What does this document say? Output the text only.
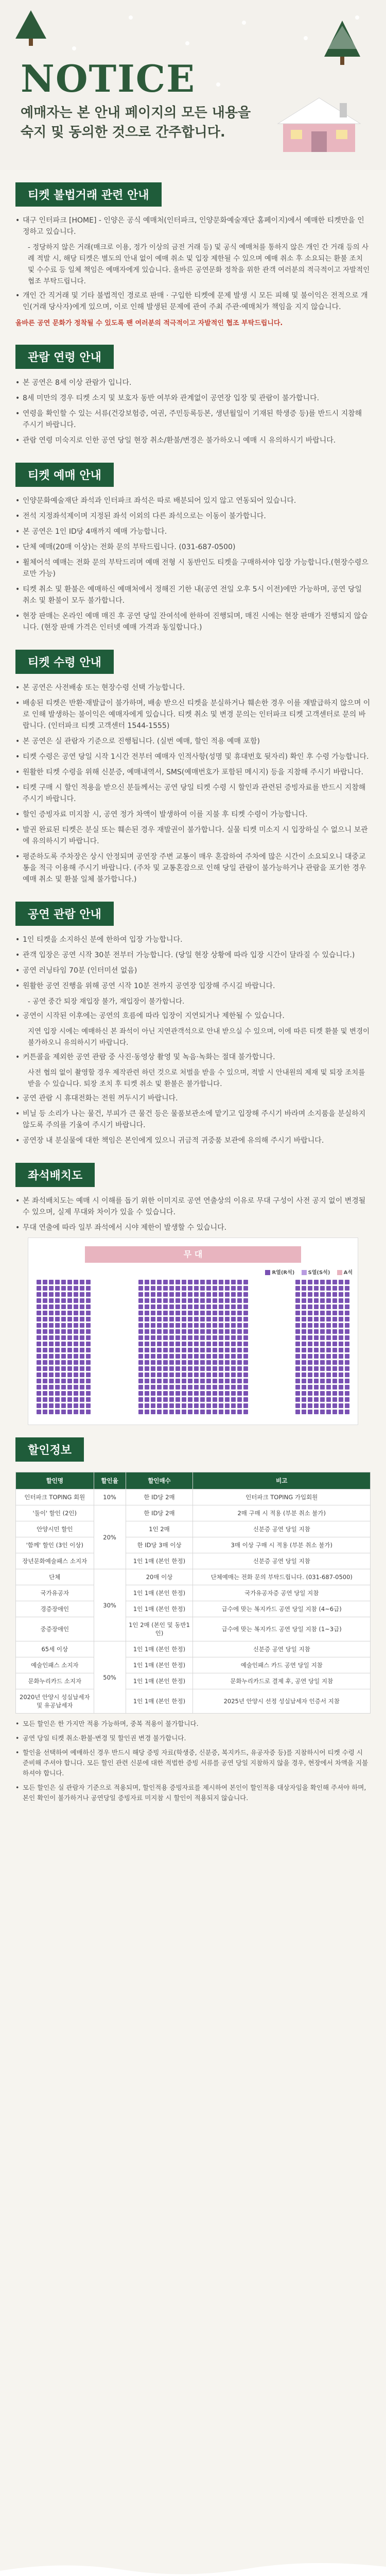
NOTICE
예매자는 본 안내 페이지의 모든 내용을
숙지 및 동의한 것으로 간주합니다.
티켓 불법거래 관련 안내
• 대구 인터파크 [HOME] - 인양은 공식 예매처(인터파크, 인양문화예술재단 홈페이지)에서 예매한 티켓만을 인정하고 있습니다.
- 정당하지 않은 거래(매크로 이용, 정가 이상의 금전 거래 등) 및 공식 예매처를 통하지 않은 개인 간 거래 등의 사례 적발 시, 해당 티켓은 별도의 안내 없이 예매 취소 및 입장 제한될 수 있으며 예매 취소 후 소요되는 환불 조치 및 수수료 등 일체 책임은 예매자에게 있습니다. 올바른 공연문화 정착을 위한 관객 여러분의 적극적이고 자발적인 협조 부탁드립니다.
• 개인 간 직거래 및 기타 불법적인 경로로 판매 · 구입한 티켓에 문제 발생 시 모든 피해 및 불이익은 전적으로 개인(거래 당사자)에게 있으며, 이로 인해 발생된 문제에 관여 주최 주관·예매처가 책임을 지지 않습니다.
올바른 공연 문화가 정착될 수 있도록 팬 여러분의 적극적이고 자발적인 협조 부탁드립니다.
관람 연령 안내
• 본 공연은 8세 이상 관람가 입니다.
• 8세 미만의 경우 티켓 소지 및 보호자 동반 여부와 관계없이 공연장 입장 및 관람이 불가합니다.
• 연령을 확인할 수 있는 서류(건강보험증, 여권, 주민등록등본, 생년월일이 기재된 학생증 등)를 반드시 지참해 주시기 바랍니다.
• 관람 연령 미숙지로 인한 공연 당일 현장 취소/환불/변경은 불가하오니 예매 시 유의하시기 바랍니다.
티켓 예매 안내
• 인양문화예술재단 좌석과 인터파크 좌석은 따로 배분되어 있지 않고 연동되어 있습니다.
• 전석 지정좌석제이며 지정된 좌석 이외의 다른 좌석으로는 이동이 불가합니다.
• 본 공연은 1인 ID당 4매까지 예매 가능합니다.
• 단체 예매(20매 이상)는 전화 문의 부탁드립니다. (031-687-0500)
• 휠체어석 예매는 전화 문의 부탁드리며 예매 전형 시 동반인도 티켓을 구매하셔야 입장 가능합니다.(현장수령으로만 가능)
• 티켓 취소 및 환불은 예매하신 예매처에서 정해진 기한 내(공연 전일 오후 5시 이전)에만 가능하며, 공연 당일 취소 및 환불이 모두 불가합니다.
• 현장 판매는 온라인 예매 매진 후 공연 당일 잔여석에 한하여 진행되며, 매진 시에는 현장 판매가 진행되지 않습니다. (현장 판매 가격은 인터넷 예매 가격과 동일합니다.)
티켓 수령 안내
• 본 공연은 사전배송 또는 현장수령 선택 가능합니다.
• 배송된 티켓은 반환·재발급이 불가하며, 배송 받으신 티켓을 분실하거나 훼손한 경우 이를 재발급하지 않으며 이로 인해 발생하는 불이익은 예매자에게 있습니다. 티켓 취소 및 변경 문의는 인터파크 티켓 고객센터로 문의 바랍니다. (인터파크 티켓 고객센터 1544-1555)
• 본 공연은 실 관람자 기준으로 진행됩니다. (실번 예매, 할인 적용 예매 포함)
• 티켓 수령은 공연 당일 시작 1시간 전부터 예매자 인적사항(성명 및 휴대번호 뒷자리) 확인 후 수령 가능합니다.
• 원활한 티켓 수령을 위해 신분증, 예매내역서, SMS(예매번호가 포함된 메시지) 등을 지참해 주시기 바랍니다.
• 티켓 구매 시 할인 적용을 받으신 분들께서는 공연 당일 티켓 수령 시 할인과 관련된 증빙자료를 반드시 지참해 주시기 바랍니다.
• 할인 증빙자료 미지참 시, 공연 정가 차액이 발생하여 이를 지불 후 티켓 수령이 가능합니다.
• 발권 완료된 티켓은 분실 또는 훼손된 경우 재발권이 불가합니다. 실물 티켓 미소지 시 입장하실 수 없으니 보관에 유의하시기 바랍니다.
• 평준하도록 주차장은 상시 안정되며 공연장 주변 교통이 매우 혼잡하여 주차에 많은 시간이 소요되오니 대중교통을 적극 이용해 주시기 바랍니다. (주차 및 교통혼잡으로 인해 당일 관람이 불가능하거나 관람을 포기한 경우 예매 취소 및 환불 일체 불가합니다.)
공연 관람 안내
• 1인 티켓을 소지하신 분에 한하여 입장 가능합니다.
• 관객 입장은 공연 시작 30분 전부터 가능합니다. (당일 현장 상황에 따라 입장 시간이 달라질 수 있습니다.)
• 공연 러닝타임 70분 (인터미션 없음)
• 원활한 공연 진행을 위해 공연 시작 10분 전까지 공연장 입장해 주시길 바랍니다.
- 공연 중간 퇴장 재입장 불가, 재입장이 불가합니다.
• 공연이 시작된 이후에는 공연의 흐름에 따라 입장이 지연되거나 제한될 수 있습니다.
지연 입장 시에는 예매하신 본 좌석이 아닌 지연관객석으로 안내 받으실 수 있으며, 이에 따른 티켓 환불 및 변경이 불가하오니 유의하시기 바랍니다.
• 커튼콜을 제외한 공연 관람 중 사진·동영상 촬영 및 녹음·녹화는 절대 불가합니다.
사전 협의 없이 촬영할 경우 제작관련 하던 것으로 처벌을 받을 수 있으며, 적발 시 안내원의 제재 및 퇴장 조치를 받을 수 있습니다. 퇴장 조치 후 티켓 취소 및 환불은 불가합니다.
• 공연 관람 시 휴대전화는 전원 꺼두시기 바랍니다.
• 비닐 등 소리가 나는 물건, 부피가 큰 물건 등은 물품보관소에 맡기고 입장해 주시기 바라며 소지품을 분실하지 않도록 주의를 기울여 주시기 바랍니다.
• 공연장 내 분실물에 대한 책임은 본인에게 있으니 귀금적 귀중품 보관에 유의해 주시기 바랍니다.
좌석배치도
• 본 좌석배치도는 예매 시 이해를 돕기 위한 이미지로 공연 연출상의 이유로 무대 구성이 사전 공지 없이 변경될 수 있으며, 실제 무대와 차이가 있을 수 있습니다.
• 무대 연출에 따라 일부 좌석에서 시야 제한이 발생할 수 있습니다.
무 대
R열(R석)	S열(S석)	A석
할인정보
할인명	할인율	할인매수	비고
인터파크 TOPING 회원	10%	한 ID당 2매	인터파크 TOPING 가입회원
'둘이' 할인 (2인)	20%	한 ID당 2매	2매 구매 시 적용 (부분 취소 불가)
안양시민 할인		1인 2매	신분증 공연 당일 지참
'함께' 할인 (3인 이상)		한 ID당 3매 이상	3매 이상 구매 시 적용 (부분 취소 불가)
장년문화예술패스 소지자		1인 1매 (본인 한정)	신분증 공연 당일 지참
단체	30%	20매 이상	단체예매는 전화 문의 부탁드립니다. (031-687-0500)
국가유공자		1인 1매 (본인 한정)	국가유공자증 공연 당일 지참
경증장애인		1인 1매 (본인 한정)	급수에 맞는 복지카드 공연 당일 지참 (4~6급)
중증장애인		1인 2매 (본인 및 동반1인)	급수에 맞는 복지카드 공연 당일 지참 (1~3급)
65세 이상	50%	1인 1매 (본인 한정)	신분증 공연 당일 지참
예술인패스 소지자		1인 1매 (본인 한정)	예술인패스 카드 공연 당일 지참
문화누리카드 소지자		1인 1매 (본인 한정)	문화누리카드로 결제 후, 공연 당일 지참
2020년 안양시 성실납세자 및 유공납세자		1인 1매 (본인 한정)	2025년 안양시 선정 성실납세자 인증서 지참
• 모든 할인은 한 가지만 적용 가능하며, 중복 적용이 불가합니다.
• 공연 당일 티켓 취소·환불·변경 및 할인권 변경 불가합니다.
• 할인을 선택하여 예매하신 경우 반드시 해당 증빙 자료(학생증, 신분증, 복지카드, 유공자증 등)를 지참하시어 티켓 수령 시 준비해 주셔야 합니다. 모든 할인 관련 신분에 대한 적법한 증빙 서류를 공연 당일 지참하지 않을 경우, 현장에서 차액을 지불하셔야 합니다.
• 모든 할인은 실 관람자 기준으로 적용되며, 할인적용 증빙자료를 제시하여 본인이 할인적용 대상자임을 확인해 주셔야 하며, 본인 확인이 불가하거나 공연당일 증빙자료 미지참 시 할인이 적용되지 않습니다.
